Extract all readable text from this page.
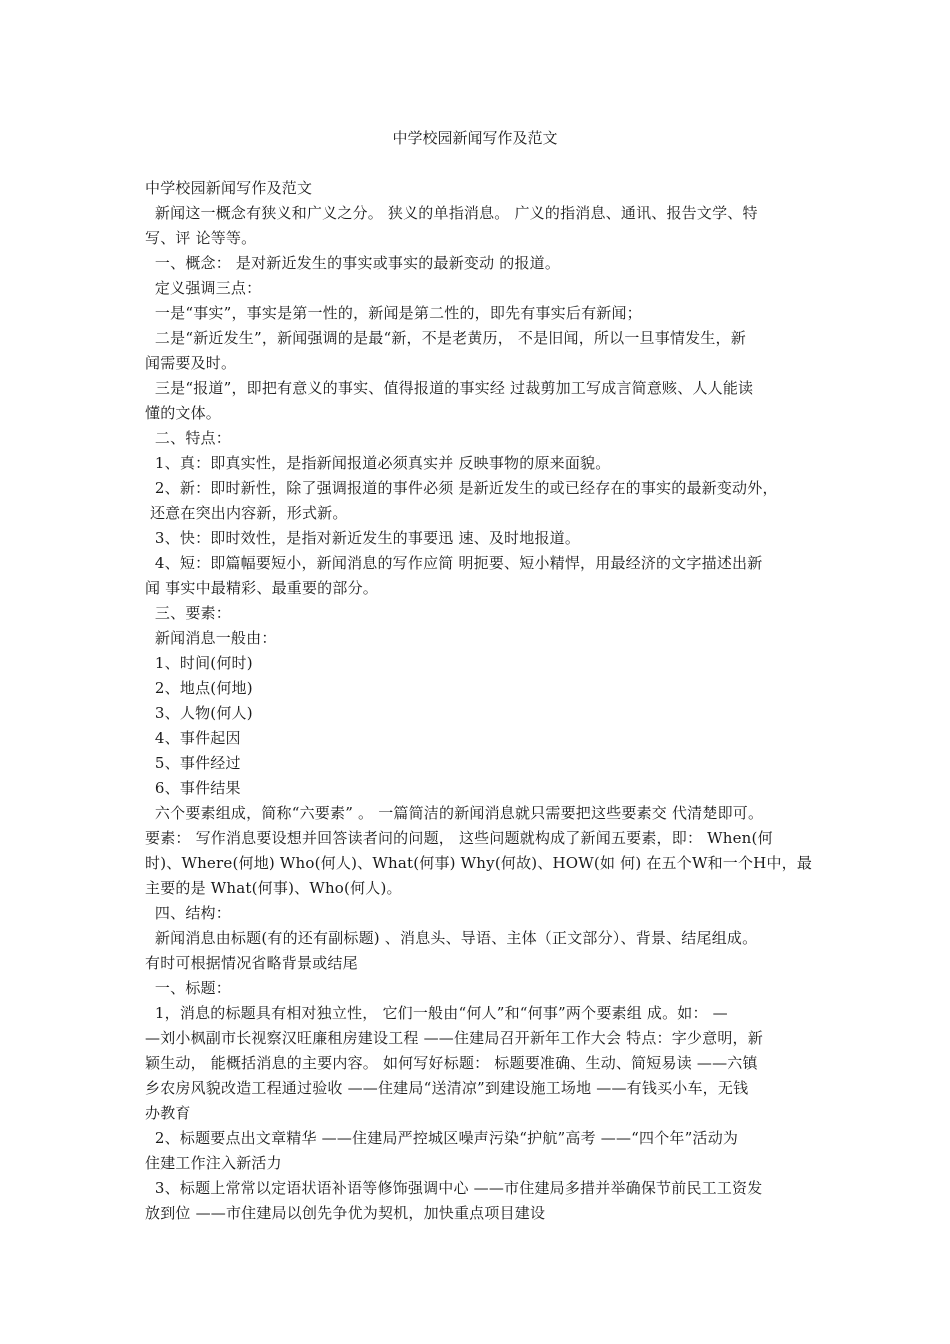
中学校园新闻写作及范文
中学校园新闻写作及范文
新闻这一概念有狭义和广义之分。 狭义的单指消息。 广义的指消息、通讯、报告文学、特
写、评 论等等。
一、概念： 是对新近发生的事实或事实的最新变动 的报道。
定义强调三点：
一是“事实”，事实是第一性的，新闻是第二性的，即先有事实后有新闻；
二是“新近发生”，新闻强调的是最“新，不是老黄历， 不是旧闻，所以一旦事情发生，新
闻需要及时。
三是“报道”，即把有意义的事实、值得报道的事实经 过裁剪加工写成言简意赅、人人能读
懂的文体。
二、特点：
1、真：即真实性，是指新闻报道必须真实并 反映事物的原来面貌。
2、新：即时新性，除了强调报道的事件必须 是新近发生的或已经存在的事实的最新变动外，
还意在突出内容新，形式新。
3、快：即时效性，是指对新近发生的事要迅 速、及时地报道。
4、短：即篇幅要短小，新闻消息的写作应简 明扼要、短小精悍，用最经济的文字描述出新
闻 事实中最精彩、最重要的部分。
三、要素：
新闻消息一般由：
1、时间(何时)
2、地点(何地)
3、人物(何人)
4、事件起因
5、事件经过
6、事件结果
六个要素组成，简称“六要素” 。 一篇简洁的新闻消息就只需要把这些要素交 代清楚即可。
要素： 写作消息要设想并回答读者问的问题， 这些问题就构成了新闻五要素，即： When(何
时)、Where(何地) Who(何人)、What(何事) Why(何故)、HOW(如 何) 在五个W和一个H中，最
主要的是 What(何事)、Who(何人)。
四、结构：
新闻消息由标题(有的还有副标题) 、消息头、导语、主体（正文部分）、背景、结尾组成。
有时可根据情况省略背景或结尾
一、标题：
1，消息的标题具有相对独立性， 它们一般由“何人”和“何事”两个要素组 成。如： —
—刘小枫副市长视察汉旺廉租房建设工程 ——住建局召开新年工作大会 特点：字少意明，新
颖生动， 能概括消息的主要内容。 如何写好标题： 标题要准确、生动、简短易读 ——六镇
乡农房风貌改造工程通过验收 ——住建局“送清凉”到建设施工场地 ——有钱买小车，无钱
办教育
2、标题要点出文章精华 ——住建局严控城区噪声污染“护航”高考 ——“四个年”活动为
住建工作注入新活力
3、标题上常常以定语状语补语等修饰强调中心 ——市住建局多措并举确保节前民工工资发
放到位 ——市住建局以创先争优为契机，加快重点项目建设
